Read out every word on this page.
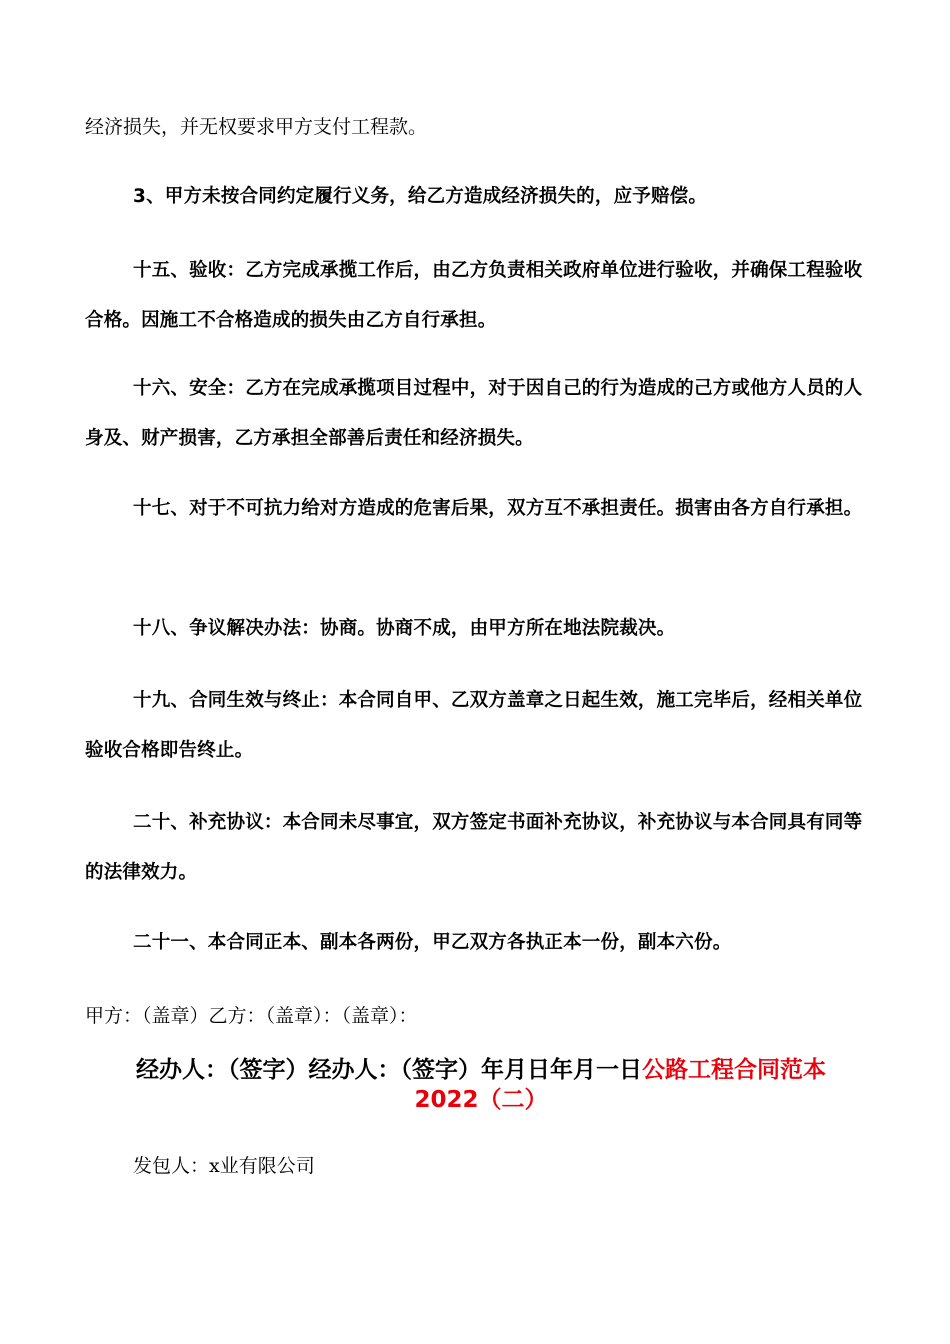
经济损失，并无权要求甲方支付工程款。
3、甲方未按合同约定履行义务，给乙方造成经济损失的，应予赔偿。
十五、验收：乙方完成承揽工作后，由乙方负责相关政府单位进行验收，并确保工程验收合格。因施工不合格造成的损失由乙方自行承担。
十六、安全：乙方在完成承揽项目过程中，对于因自己的行为造成的己方或他方人员的人身及、财产损害，乙方承担全部善后责任和经济损失。
十七、对于不可抗力给对方造成的危害后果，双方互不承担责任。损害由各方自行承担。
十八、争议解决办法：协商。协商不成，由甲方所在地法院裁决。
十九、合同生效与终止：本合同自甲、乙双方盖章之日起生效，施工完毕后，经相关单位验收合格即告终止。
二十、补充协议：本合同未尽事宜，双方签定书面补充协议，补充协议与本合同具有同等的法律效力。
二十一、本合同正本、副本各两份，甲乙双方各执正本一份，副本六份。
甲方：（盖章）乙方：（盖章）：（盖章）：
经办人：（签字）经办人：（签字）年月日年月一日公路工程合同范本
2022（二）
发包人：x业有限公司
